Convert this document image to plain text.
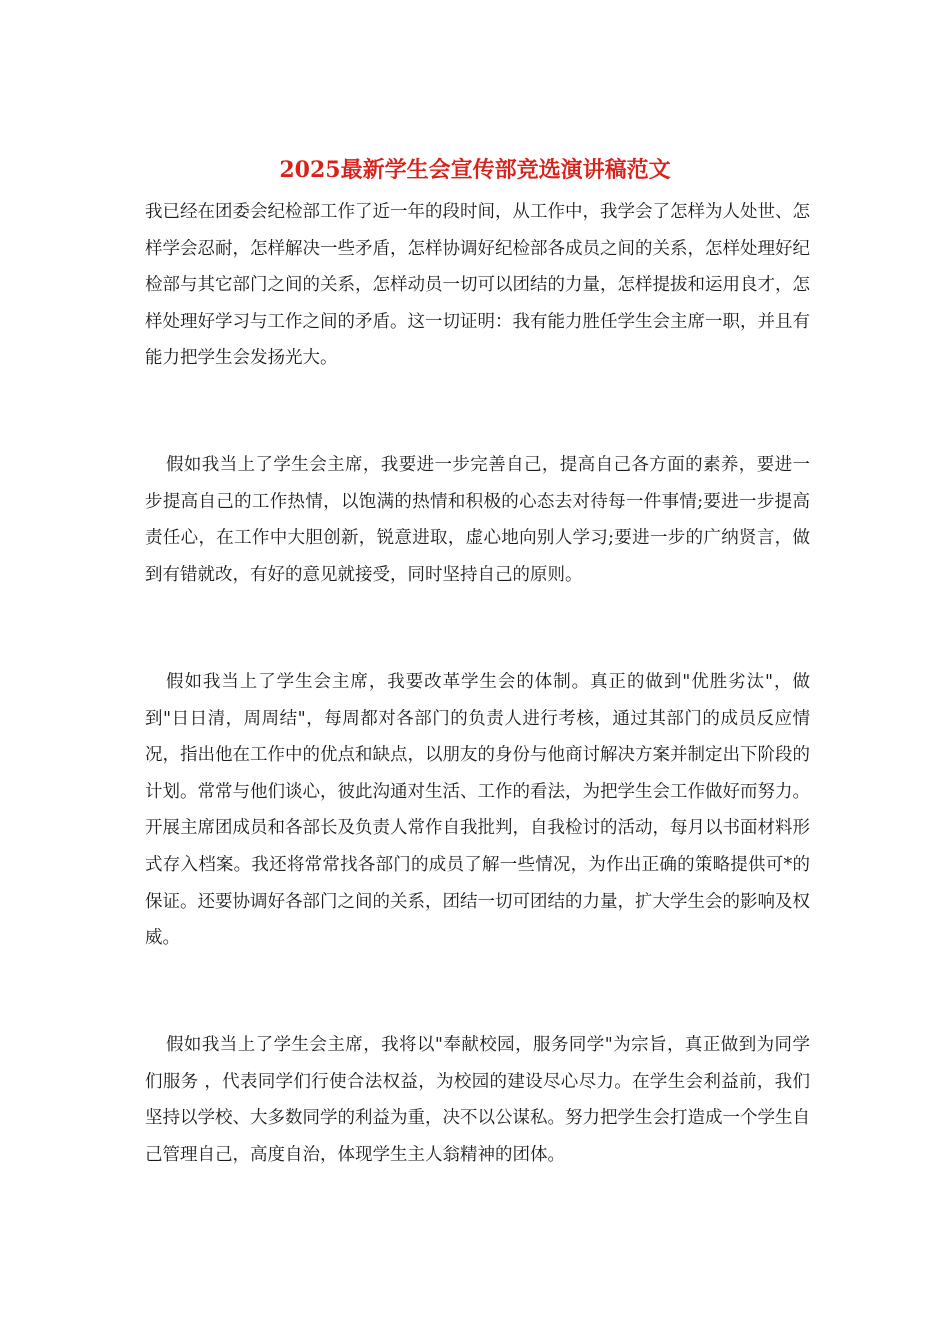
2025最新学生会宣传部竞选演讲稿范文

我已经在团委会纪检部工作了近一年的段时间，从工作中，我学会了怎样为人处世、怎样学会忍耐，怎样解决一些矛盾，怎样协调好纪检部各成员之间的关系，怎样处理好纪检部与其它部门之间的关系，怎样动员一切可以团结的力量，怎样提拔和运用良才，怎样处理好学习与工作之间的矛盾。这一切证明：我有能力胜任学生会主席一职，并且有能力把学生会发扬光大。

假如我当上了学生会主席，我要进一步完善自己，提高自己各方面的素养，要进一步提高自己的工作热情，以饱满的热情和积极的心态去对待每一件事情;要进一步提高责任心，在工作中大胆创新，锐意进取，虚心地向别人学习;要进一步的广纳贤言，做到有错就改，有好的意见就接受，同时坚持自己的原则。

假如我当上了学生会主席，我要改革学生会的体制。真正的做到"优胜劣汰"，做到"日日清，周周结"，每周都对各部门的负责人进行考核，通过其部门的成员反应情况，指出他在工作中的优点和缺点，以朋友的身份与他商讨解决方案并制定出下阶段的计划。常常与他们谈心，彼此沟通对生活、工作的看法，为把学生会工作做好而努力。开展主席团成员和各部长及负责人常作自我批判，自我检讨的活动，每月以书面材料形式存入档案。我还将常常找各部门的成员了解一些情况，为作出正确的策略提供可*的保证。还要协调好各部门之间的关系，团结一切可团结的力量，扩大学生会的影响及权威。

假如我当上了学生会主席，我将以"奉献校园，服务同学"为宗旨，真正做到为同学们服务 ，代表同学们行使合法权益，为校园的建设尽心尽力。在学生会利益前，我们坚持以学校、大多数同学的利益为重，决不以公谋私。努力把学生会打造成一个学生自己管理自己，高度自治，体现学生主人翁精神的团体。
